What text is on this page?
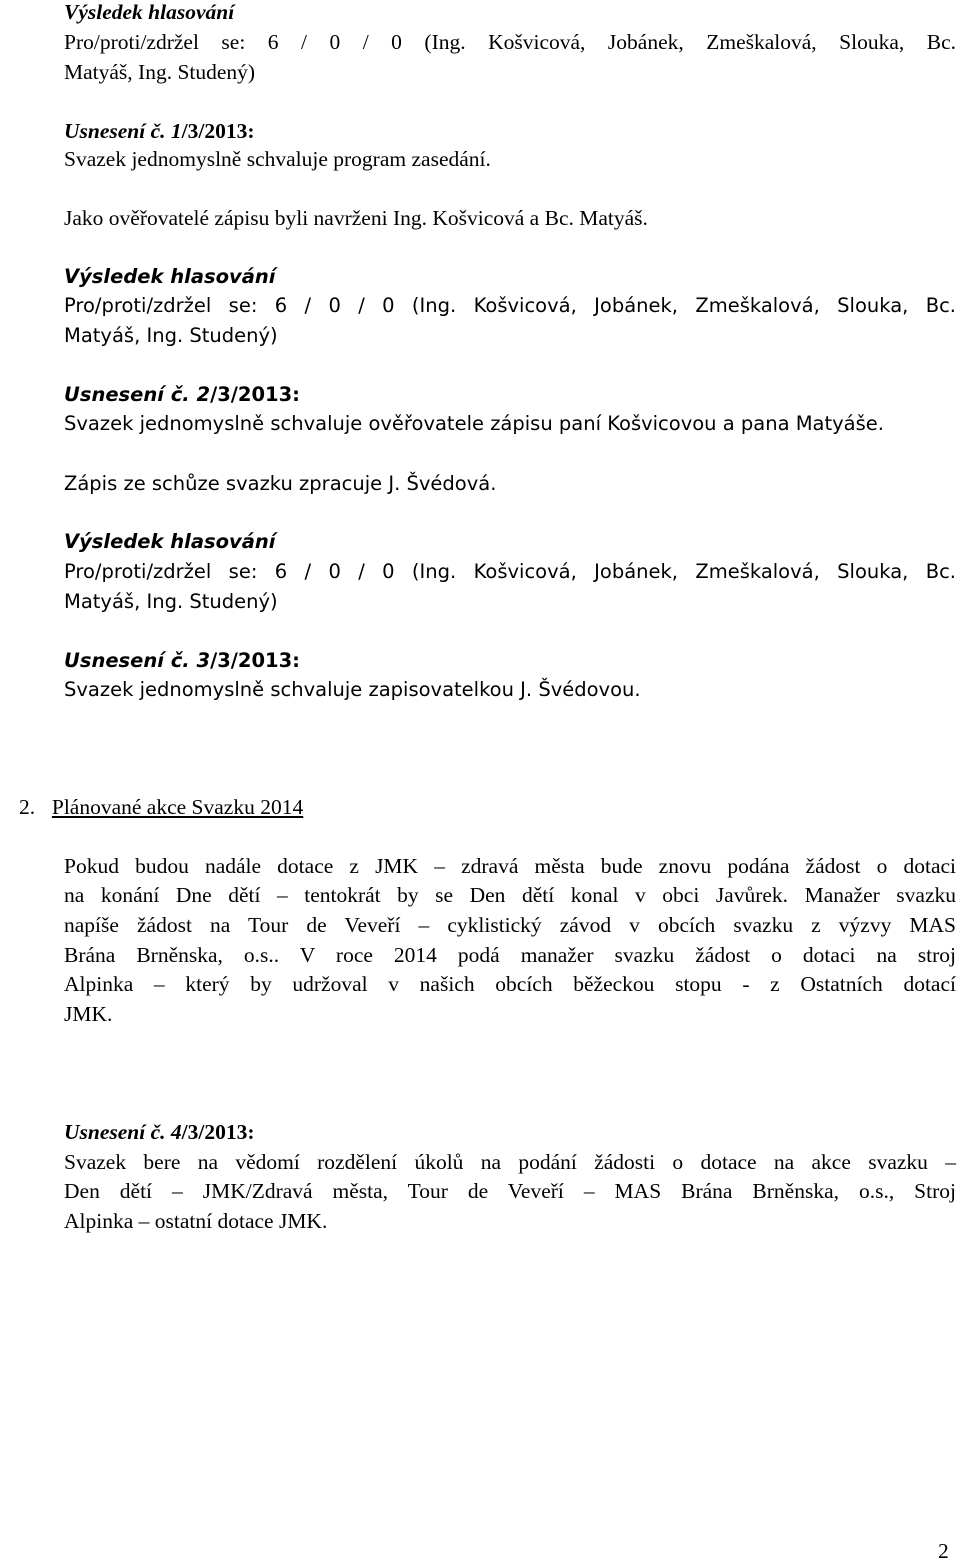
Výsledek hlasování
Pro/proti/zdržel se: 6 / 0 / 0 (Ing. Košvicová, Jobánek, Zmeškalová, Slouka, Bc.
Matyáš, Ing. Studený)
Usnesení č. 1/3/2013:
Svazek jednomyslně schvaluje program zasedání.
Jako ověřovatelé zápisu byli navrženi Ing. Košvicová a Bc. Matyáš.
Výsledek hlasování
Pro/proti/zdržel se: 6 / 0 / 0 (Ing. Košvicová, Jobánek, Zmeškalová, Slouka, Bc.
Matyáš, Ing. Studený)
Usnesení č. 2/3/2013:
Svazek jednomyslně schvaluje ověřovatele zápisu paní Košvicovou a pana Matyáše.
Zápis ze schůze svazku zpracuje J. Švédová.
Výsledek hlasování
Pro/proti/zdržel se: 6 / 0 / 0 (Ing. Košvicová, Jobánek, Zmeškalová, Slouka, Bc.
Matyáš, Ing. Studený)
Usnesení č. 3/3/2013:
Svazek jednomyslně schvaluje zapisovatelkou J. Švédovou.
2. Plánované akce Svazku 2014
Pokud budou nadále dotace z JMK – zdravá města bude znovu podána žádost o dotaci
na konání Dne dětí – tentokrát by se Den dětí konal v obci Javůrek. Manažer svazku
napíše žádost na Tour de Veveří – cyklistický závod v obcích svazku z výzvy MAS
Brána Brněnska, o.s.. V roce 2014 podá manažer svazku žádost o dotaci na stroj
Alpinka – který by udržoval v našich obcích běžeckou stopu - z Ostatních dotací
JMK.
Usnesení č. 4/3/2013:
Svazek bere na vědomí rozdělení úkolů na podání žádosti o dotace na akce svazku –
Den dětí – JMK/Zdravá města, Tour de Veveří – MAS Brána Brněnska, o.s., Stroj
Alpinka – ostatní dotace JMK.
2
